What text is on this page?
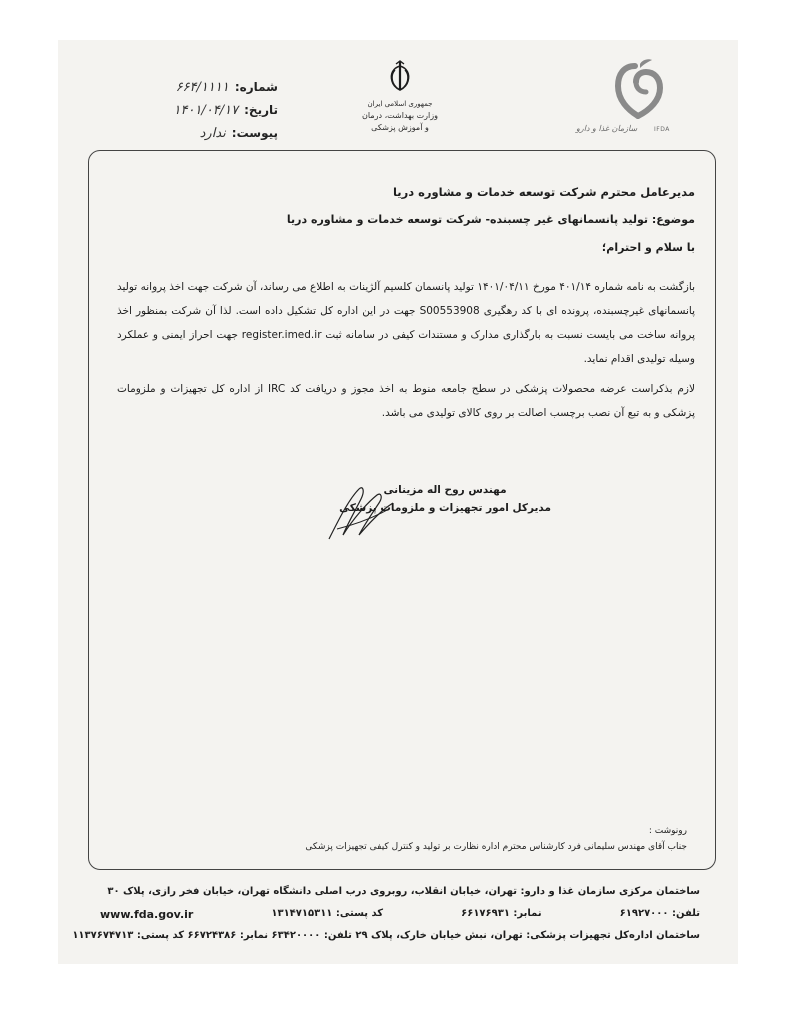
شماره:
۶۶۴/۱۱۱۱
تاریخ:
۱۴۰۱/۰۴/۱۷
پیوست:
ندارد
جمهوری اسلامی ایران
وزارت بهداشت، درمان
و آموزش پزشکی	سازمان غذا و دارو	IFDA
مدیرعامل محترم شرکت توسعه خدمات و مشاوره دریا
موضوع: تولید پانسمانهای غیر چسبنده- شرکت توسعه خدمات و مشاوره دریا
با سلام و احترام؛
بازگشت به نامه شماره ۴۰۱/۱۴ مورخ ۱۴۰۱/۰۴/۱۱ تولید پانسمان کلسیم آلژینات به اطلاع می رساند، آن شرکت جهت اخذ پروانه تولید پانسمانهای غیرچسبنده، پرونده ای با کد رهگیری S00553908 جهت در این اداره کل تشکیل داده است. لذا آن شرکت بمنظور اخذ پروانه ساخت می بایست نسبت به بارگذاری مدارک و مستندات کیفی در سامانه ثبت register.imed.ir جهت احراز ایمنی و عملکرد وسیله تولیدی اقدام نماید.
لازم بذکراست عرضه محصولات پزشکی در سطح جامعه منوط به اخذ مجوز و دریافت کد IRC از اداره کل تجهیزات و ملزومات پزشکی و به تبع آن نصب برچسب اصالت بر روی کالای تولیدی می باشد.
مهندس روح اله مزینانی
مدیرکل امور تجهیزات و ملزومات پزشکی
رونوشت :
جناب آقای مهندس سلیمانی فرد کارشناس محترم اداره نظارت بر تولید و کنترل کیفی تجهیزات پزشکی
ساختمان مرکزی سازمان غذا و دارو: تهران، خیابان انقلاب، روبروی درب اصلی دانشگاه تهران، خیابان فخر رازی، پلاک ۳۰
تلفن: ۶۱۹۲۷۰۰۰
نمابر: ۶۶۱۷۶۹۳۱
کد پستی: ۱۳۱۴۷۱۵۳۱۱
www.fda.gov.ir
ساختمان اداره‌کل تجهیزات پزشکی: تهران، نبش خیابان خارک، پلاک ۲۹ تلفن: ۶۳۴۲۰۰۰۰ نمابر: ۶۶۷۲۴۳۸۶ کد پستی: ۱۱۳۷۶۷۴۷۱۳
